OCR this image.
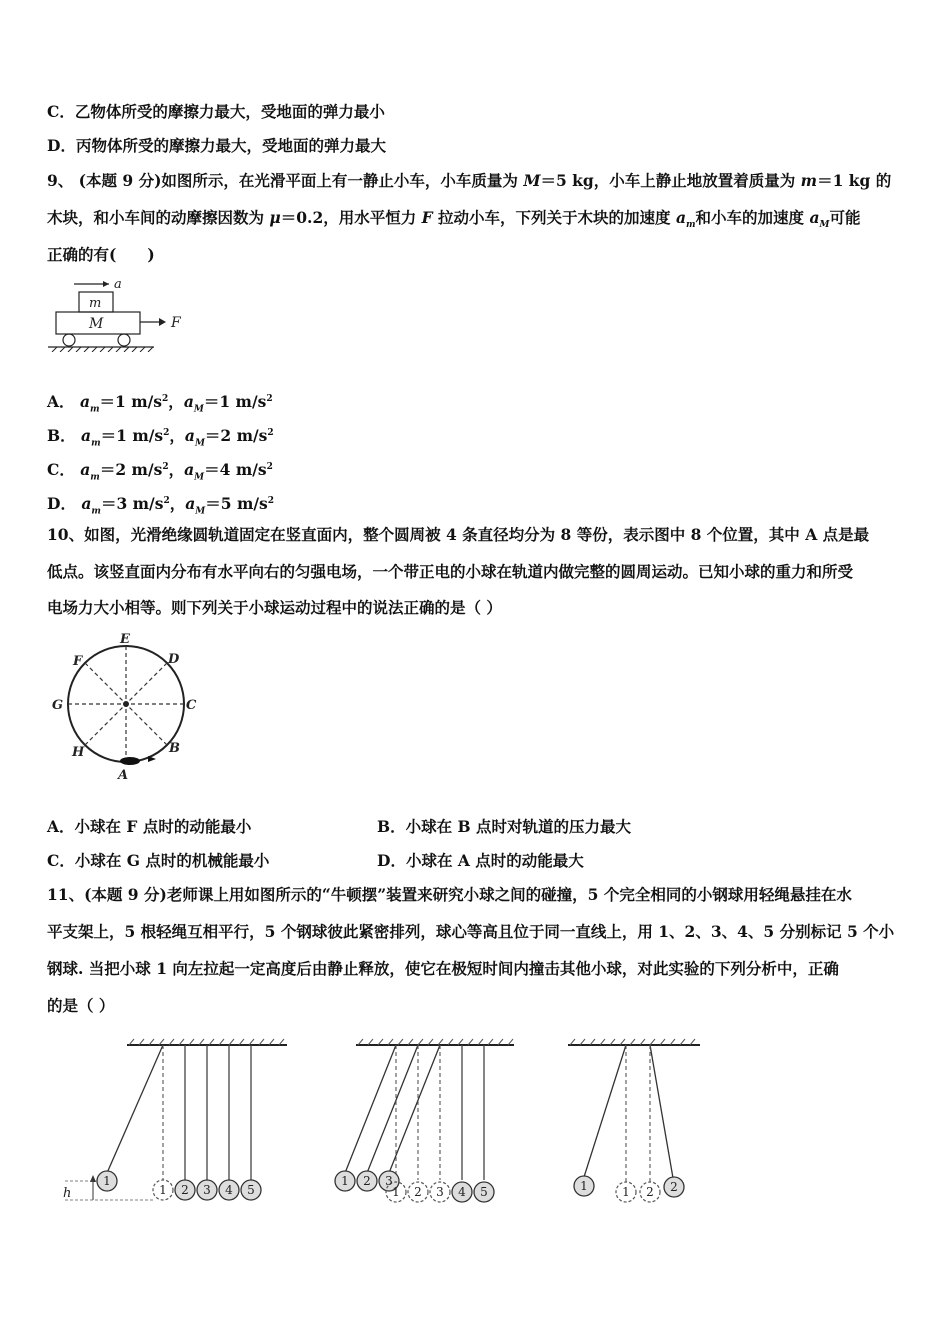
C．乙物体所受的摩擦力最大，受地面的弹力最小
D．丙物体所受的摩擦力最大，受地面的弹力最大
9、 (本题 9 分)如图所示，在光滑平面上有一静止小车，小车质量为 M＝5 kg，小车上静止地放置着质量为 m＝1 kg 的
木块，和小车间的动摩擦因数为 μ＝0.2，用水平恒力 F 拉动小车，下列关于木块的加速度 $a_m$和小车的加速度 $a_M$可能
正确的有(　　)
a
m
M	F
A． $a_m=1$ $m/s^2$，$a_M=1$ $m/s^2$
B． $a_m=1$ $m/s^2$，$a_M=2$ $m/s^2$
C． $a_m=2$ $m/s^2$，$a_M=4$ $m/s^2$
D． $a_m=3$ $m/s^2$，$a_M=5$ $m/s^2$
10、如图，光滑绝缘圆轨道固定在竖直面内，整个圆周被 4 条直径均分为 8 等份，表示图中 8 个位置，其中 A 点是最
低点。该竖直面内分布有水平向右的匀强电场，一个带正电的小球在轨道内做完整的圆周运动。已知小球的重力和所受
电场力大小相等。则下列关于小球运动过程中的说法正确的是（ ）
E
D
C
B
A
H
G
F
A．小球在 F 点时的动能最小	B．小球在 B 点时对轨道的压力最大
C．小球在 G 点时的机械能最小	D．小球在 A 点时的动能最大
11、(本题 9 分)老师课上用如图所示的“牛顿摆”装置来研究小球之间的碰撞，5 个完全相同的小钢球用轻绳悬挂在水
平支架上，5 根轻绳互相平行，5 个钢球彼此紧密排列，球心等高且位于同一直线上，用 1、2、3、4、5 分别标记 5 个小
钢球. 当把小球 1 向左拉起一定高度后由静止释放，使它在极短时间内撞击其他小球，对此实验的下列分析中，正确
的是（ ）
1
1 2 3 4 5
h
1 2 3
1 2 3 4 5	1	1 2 2
